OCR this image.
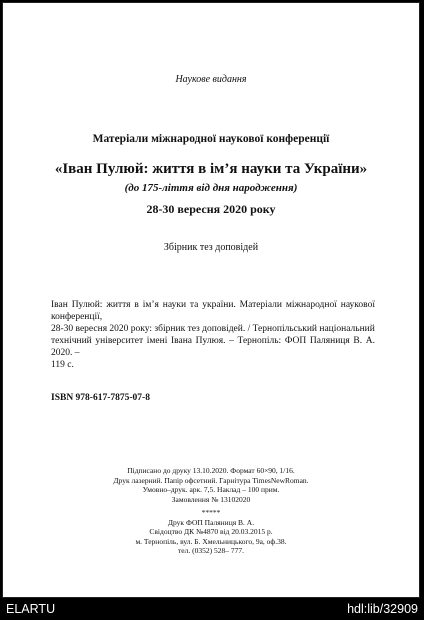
Наукове видання
Матеріали міжнародної наукової конференції
«Іван Пулюй: життя в ім’я науки та України»
(до 175-ліття від дня народження)
28-30 вересня 2020 року
Збірник тез доповідей
Іван Пулюй: життя в ім’я науки та україни. Матеріали міжнародної наукової конференції,
28-30 вересня 2020 року: збірник тез доповідей. / Тернопільський національний
технічний університет імені Івана Пулюя. – Тернопіль: ФОП Паляниця В. А. 2020. –
119 с.
ISBN 978-617-7875-07-8
Підписано до друку 13.10.2020. Формат 60×90, 1/16.
Друк лазерний. Папір офсетний. Гарнітура TimesNewRoman.
Умовно–друк. арк. 7,5. Наклад – 100 прим.
Замовлення № 13102020
*****
Друк ФОП Паляниця В. А.
Свідоцтво ДК №4870 від 20.03.2015 р.
м. Тернопіль, вул. Б. Хмельницького, 9а, оф.38.
тел. (0352) 528– 777.
ELARTU	hdl:lib/32909
